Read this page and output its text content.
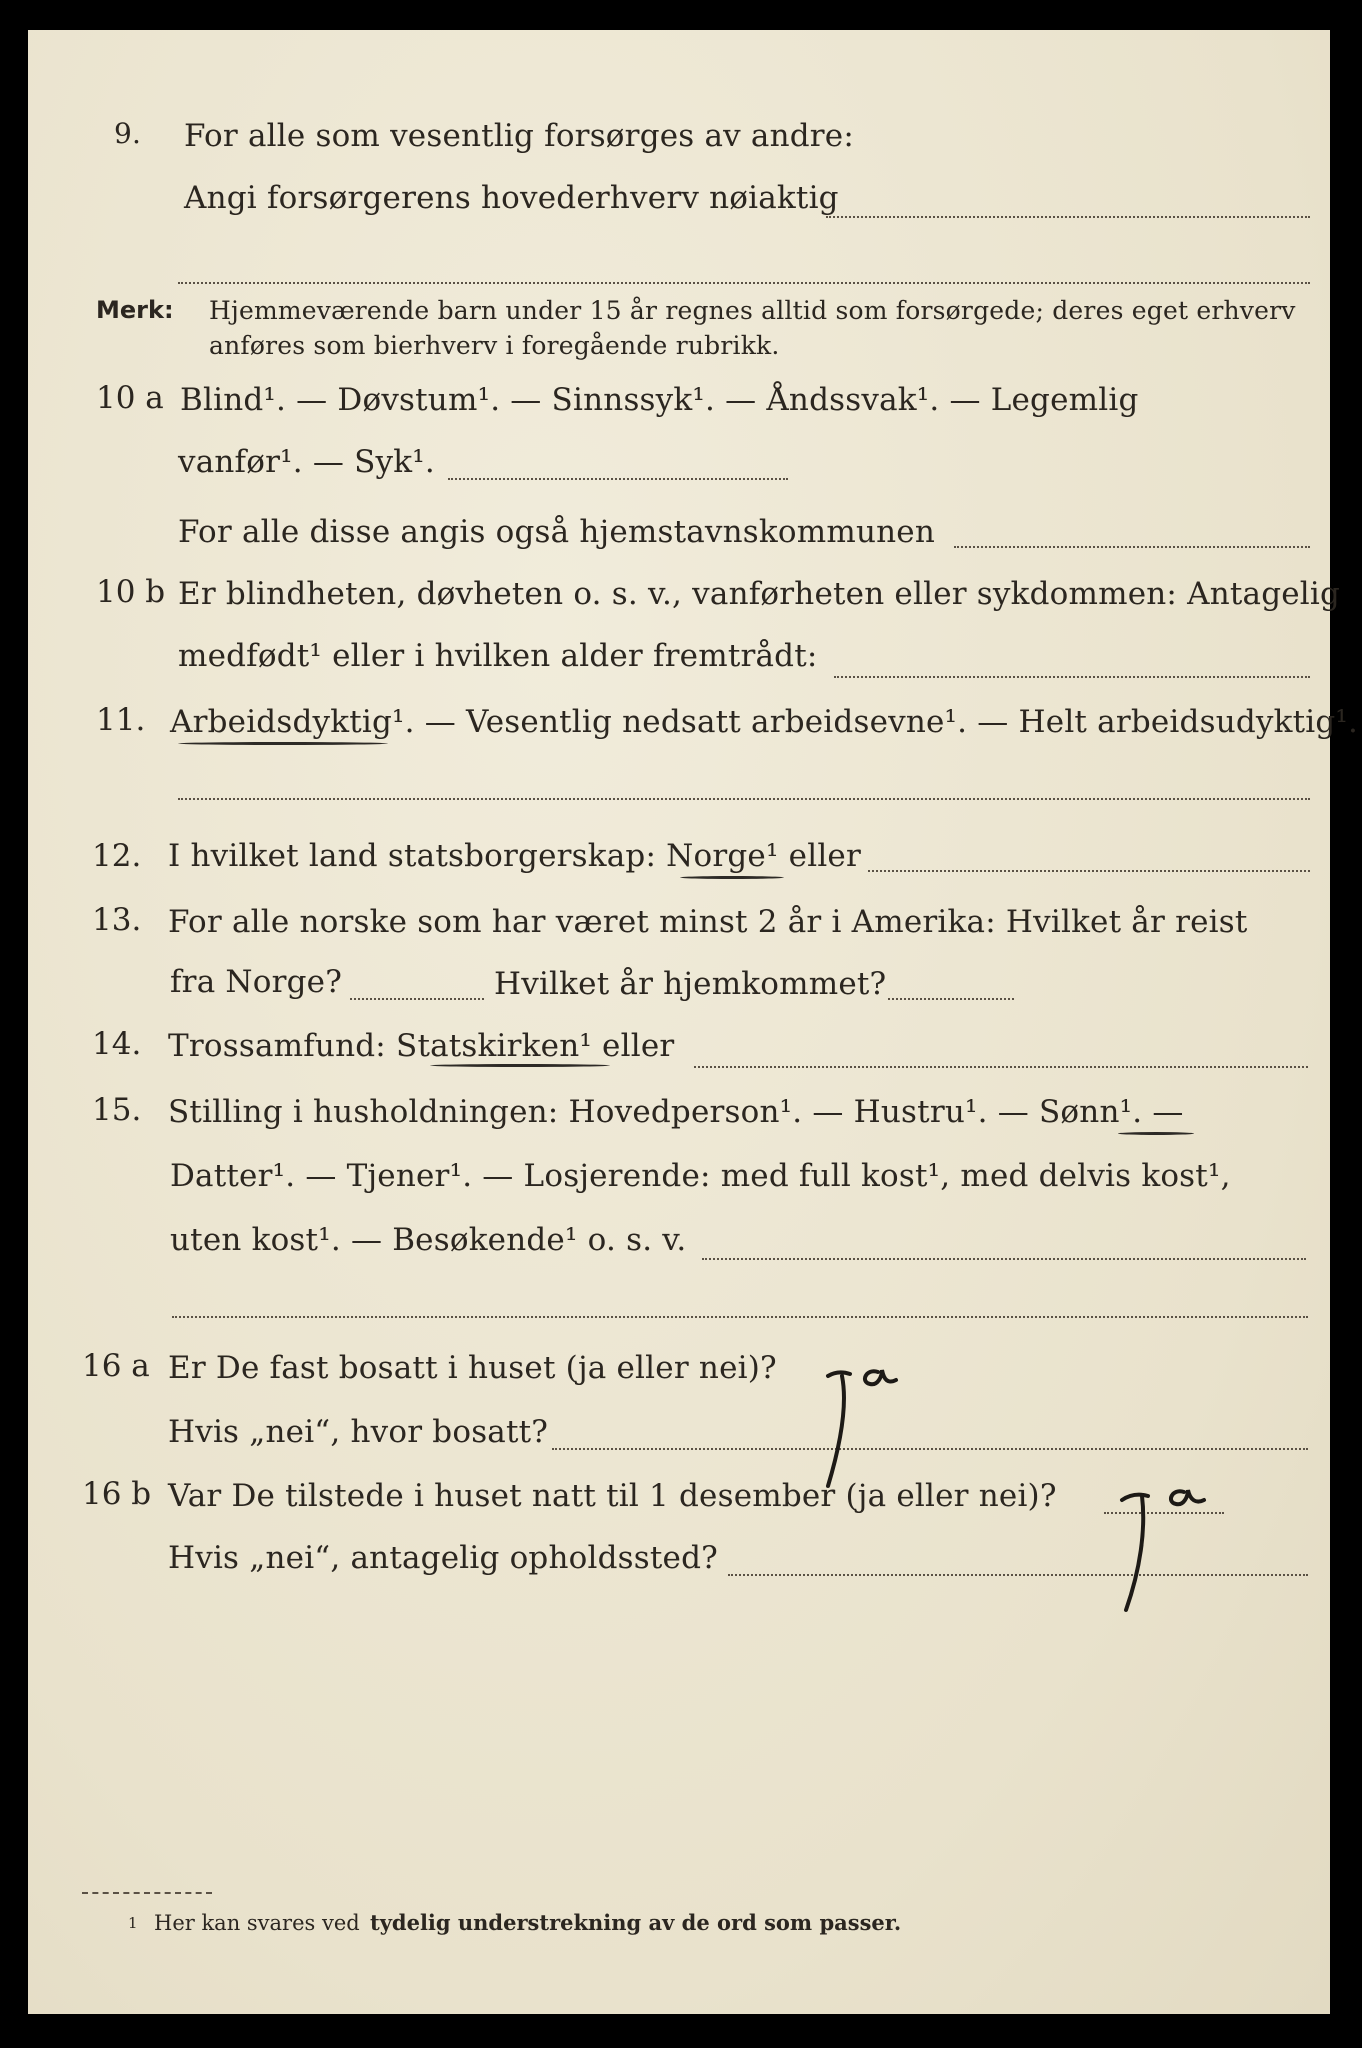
9. For alle som vesentlig forsørges av andre:
Angi forsørgerens hovederhverv nøiaktig
Merk: Hjemmeværende barn under 15 år regnes alltid som forsørgede; deres eget erhverv
anføres som bierhverv i foregående rubrikk.
10 a Blind¹. — Døvstum¹. — Sinnssyk¹. — Åndssvak¹. — Legemlig
vanfør¹. — Syk¹.
For alle disse angis også hjemstavnskommunen
10 b Er blindheten, døvheten o. s. v., vanførheten eller sykdommen: Antagelig
medfødt¹ eller i hvilken alder fremtrådt:
11. Arbeidsdyktig¹. — Vesentlig nedsatt arbeidsevne¹. — Helt arbeidsudyktig¹.
12. I hvilket land statsborgerskap: Norge¹ eller
13. For alle norske som har været minst 2 år i Amerika: Hvilket år reist
fra Norge?	Hvilket år hjemkommet?
14. Trossamfund: Statskirken¹ eller
15. Stilling i husholdningen: Hovedperson¹. — Hustru¹. — Sønn¹. —
Datter¹. — Tjener¹. — Losjerende: med full kost¹, med delvis kost¹,
uten kost¹. — Besøkende¹ o. s. v.
16 a Er De fast bosatt i huset (ja eller nei)?
Hvis „nei“, hvor bosatt?
16 b Var De tilstede i huset natt til 1 desember (ja eller nei)?
Hvis „nei“, antagelig opholdssted?
1 Her kan svares ved tydelig understrekning av de ord som passer.
